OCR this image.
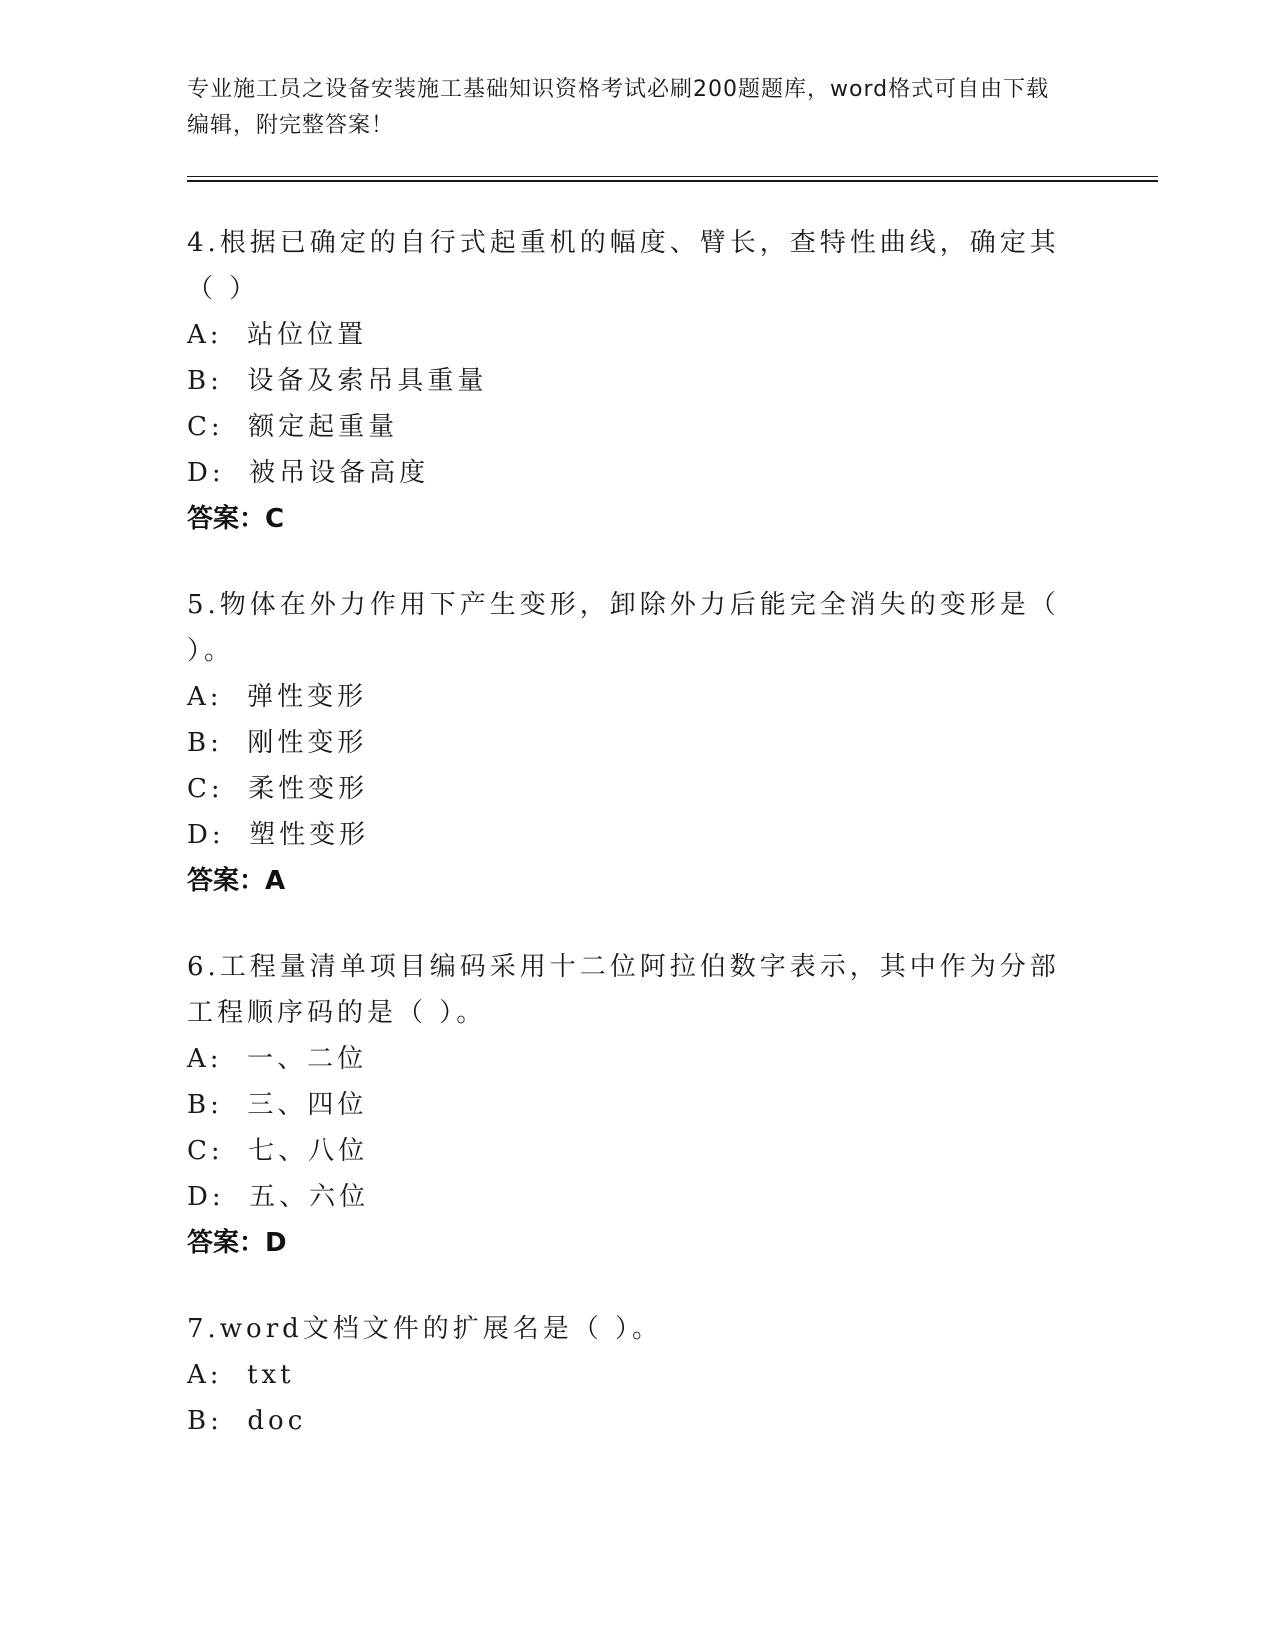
专业施工员之设备安装施工基础知识资格考试必刷200题题库，word格式可自由下载编辑，附完整答案！

4.根据已确定的自行式起重机的幅度、臂长，查特性曲线，确定其（ ）

A:  站位位置

B:  设备及索吊具重量

C:  额定起重量

D:  被吊设备高度

答案：C

5.物体在外力作用下产生变形，卸除外力后能完全消失的变形是（ ）。

A:  弹性变形

B:  刚性变形

C:  柔性变形

D:  塑性变形

答案：A

6.工程量清单项目编码采用十二位阿拉伯数字表示，其中作为分部工程顺序码的是（ ）。

A:  一、二位

B:  三、四位

C:  七、八位

D:  五、六位

答案：D

7.word文档文件的扩展名是（ ）。

A:  txt

B:  doc
